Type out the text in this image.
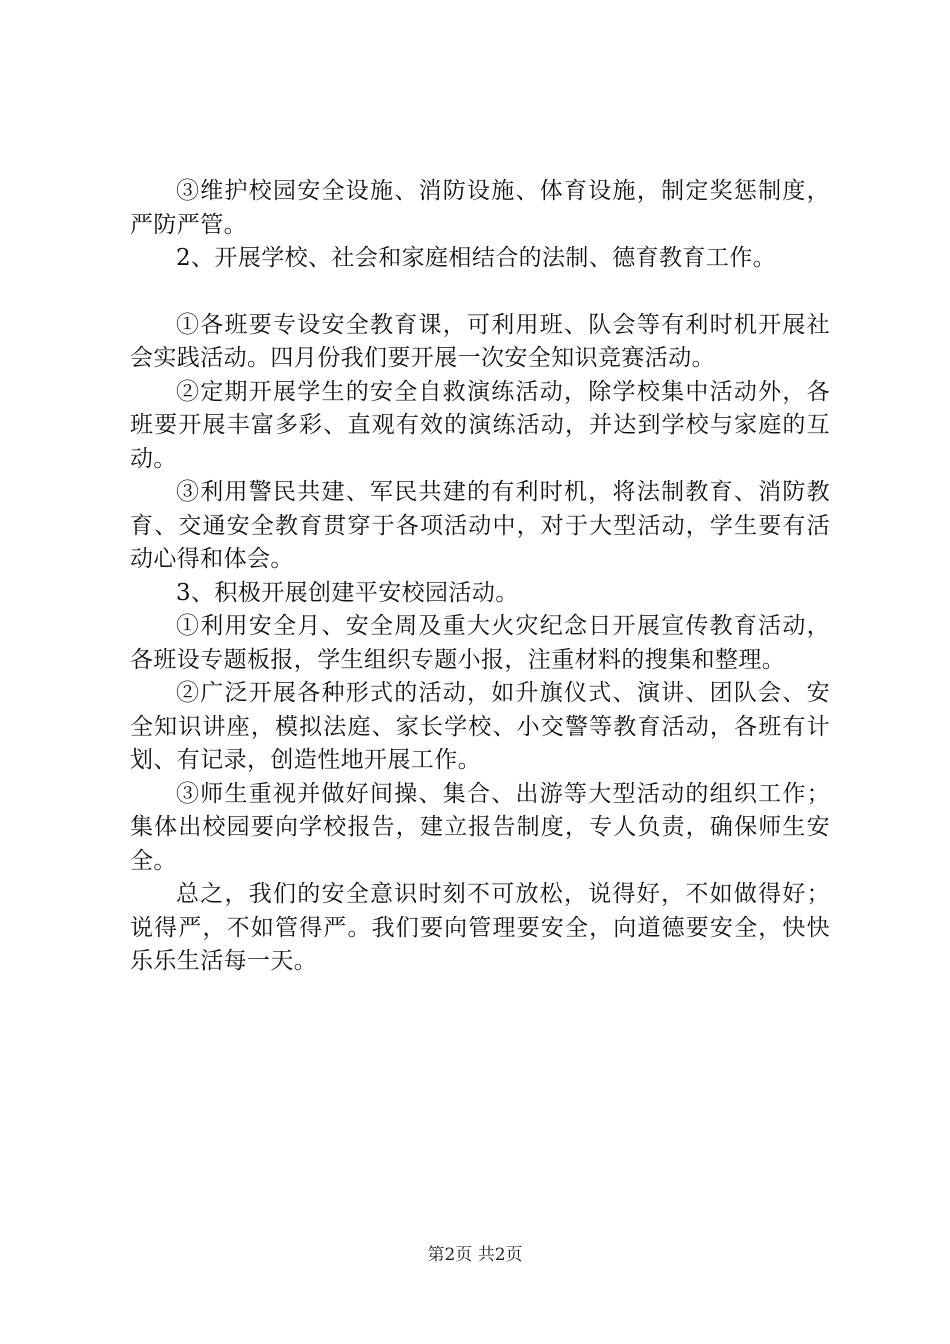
③维护校园安全设施、消防设施、体育设施，制定奖惩制度，严防严管。

2、开展学校、社会和家庭相结合的法制、德育教育工作。

①各班要专设安全教育课，可利用班、队会等有利时机开展社会实践活动。四月份我们要开展一次安全知识竞赛活动。

②定期开展学生的安全自救演练活动，除学校集中活动外，各班要开展丰富多彩、直观有效的演练活动，并达到学校与家庭的互动。

③利用警民共建、军民共建的有利时机，将法制教育、消防教育、交通安全教育贯穿于各项活动中，对于大型活动，学生要有活动心得和体会。

3、积极开展创建平安校园活动。

①利用安全月、安全周及重大火灾纪念日开展宣传教育活动，各班设专题板报，学生组织专题小报，注重材料的搜集和整理。

②广泛开展各种形式的活动，如升旗仪式、演讲、团队会、安全知识讲座，模拟法庭、家长学校、小交警等教育活动，各班有计划、有记录，创造性地开展工作。

③师生重视并做好间操、集合、出游等大型活动的组织工作；集体出校园要向学校报告，建立报告制度，专人负责，确保师生安全。

总之，我们的安全意识时刻不可放松，说得好，不如做得好；说得严，不如管得严。我们要向管理要安全，向道德要安全，快快乐乐生活每一天。

第2页 共2页
